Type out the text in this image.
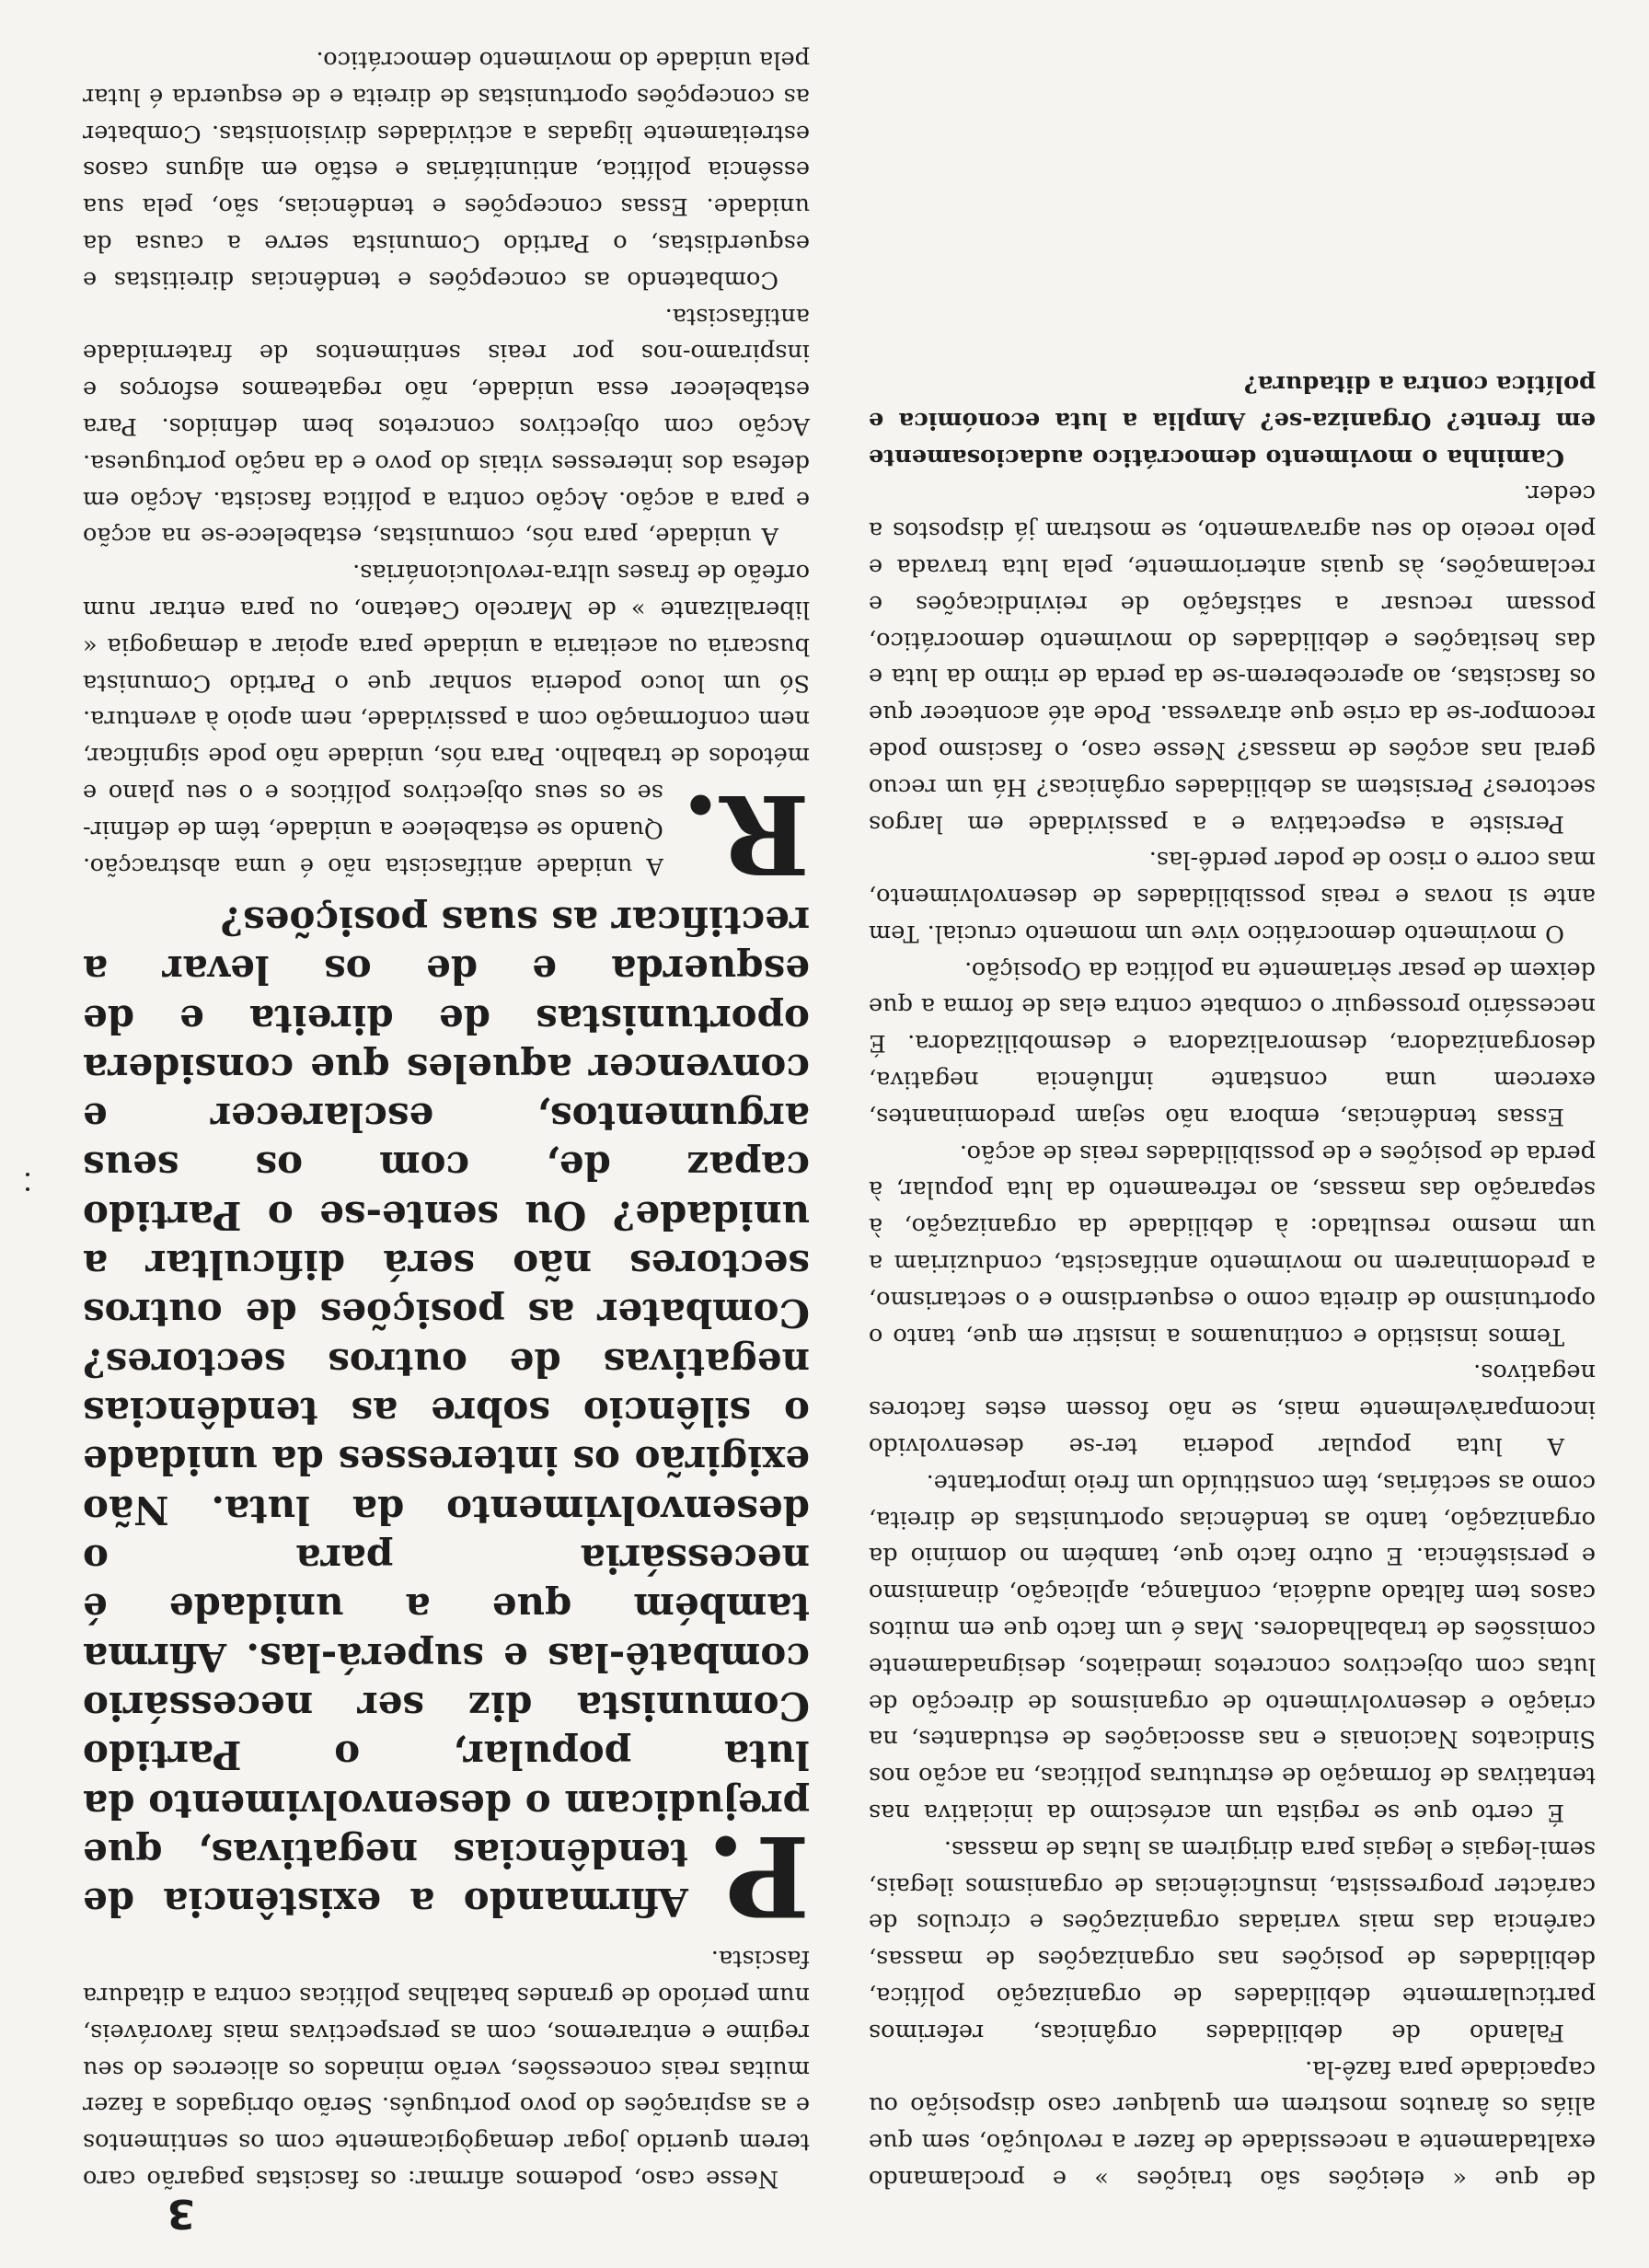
3

de que « eleições são traições » e proclamando exaltadamente a necessidade de fazer a revolução, sem que aliás os ârautos mostrem em qualquer caso disposição ou capacidade para fazê-la.

Falando de debilidades orgânicas, referimos particularmente debilidades de organização política, debilidades de posições nas organizações de massas, carência das mais variadas organizações e círculos de carácter progressista, insuficiências de organismos ilegais, semi-legais e legais para dirigirem as lutas de massas.

É certo que se regista um acréscimo da iniciativa nas tentativas de formação de estruturas políticas, na acção nos Sindicatos Nacionais e nas associações de estudantes, na criação e desenvolvimento de organismos de direcção de lutas com objectivos concretos imediatos, designadamente comissões de trabalhadores. Mas é um facto que em muitos casos tem faltado audácia, confiança, aplicação, dinamismo e persistência. E outro facto que, também no domínio da organização, tanto as tendências oportunistas de direita, como as sectárias, têm constituído um freio importante.

A luta popular poderia ter-se desenvolvido incomparàvelmente mais, se não fossem estes factores negativos.

Temos insistido e continuamos a insistir em que, tanto o oportunismo de direita como o esquerdismo e o sectarismo, a predominarem no movimento antifascista, conduziriam a um mesmo resultado: à debilidade da organização, à separação das massas, ao refreamento da luta popular, à perda de posições e de possibilidades reais de acção.

Essas tendências, embora não sejam predominantes, exercem uma constante influência negativa, desorganizadora, desmoralizadora e desmobilizadora. É necessário prosseguir o combate contra elas de forma a que deixem de pesar sèriamente na política da Oposição.

O movimento democrático vive um momento crucial. Tem ante si novas e reais possibilidades de desenvolvimento, mas corre o risco de poder perdê-las.

Persiste a espectativa e a passividade em largos sectores? Persistem as debilidades orgânicas? Há um recuo geral nas acções de massas? Nesse caso, o fascismo pode recompor-se da crise que atravessa. Pode até acontecer que os fascistas, ao aperceberem-se da perda de ritmo da luta e das hesitações e debilidades do movimento democrático, possam recusar a satisfação de reivindicações e reclamações, às quais anteriormente, pela luta travada e pelo receio do seu agravamento, se mostram já dispostos a ceder.

Caminha o movimento democrático audaciosamente em frente? Organiza-se? Amplia a luta económica e política contra a ditadura?

Nesse caso, podemos afirmar: os fascistas pagarão caro terem querido jogar demagògicamente com os sentimentos e as aspirações do povo português. Serão obrigados a fazer muitas reais concessões, verão minados os alicerces do seu regime e entraremos, com as perspectivas mais favoráveis, num período de grandes batalhas políticas contra a ditadura fascista.

P.
Afirmando a existência de tendências negativas, que prejudicam o desenvolvimento da luta popular, o Partido Comunista diz ser necessário combatê-las e superá-las. Afirma também que a unidade é necessária para o desenvolvimento da luta. Não exigirão os interesses da unidade o silêncio sobre as tendências negativas de outros sectores? Combater as posições de outros sectores não será dificultar a unidade? Ou sente-se o Partido capaz de, com os seus argumentos, esclarecer e convencer aqueles que considera oportunistas de direita e de esquerda e de os levar a rectificar as suas posições?
R.

A unidade antifascista não é uma abstracção. Quando se estabelece a unidade, têm de definir-se os seus objectivos políticos e o seu plano e métodos de trabalho. Para nós, unidade não pode significar, nem conformação com a passividade, nem apoio à aventura. Só um louco poderia sonhar que o Partido Comunista buscaria ou aceitaria a unidade para apoiar a demagogia « liberalizante » de Marcelo Caetano, ou para entrar num orfeão de frases ultra-revolucionárias.

A unidade, para nós, comunistas, estabelece-se na acção e para a acção. Acção contra a política fascista. Acção em defesa dos interesses vitais do povo e da nação portuguesa. Acção com objectivos concretos bem definidos. Para estabelecer essa unidade, não regateamos esforços e inspiramo-nos por reais sentimentos de fraternidade antifascista.

Combatendo as concepções e tendências direitistas e esquerdistas, o Partido Comunista serve a causa da unidade. Essas concepções e tendências, são, pela sua essência política, antiunitárias e estão em alguns casos estreitamente ligadas a actividades divisionistas. Combater as concepções oportunistas de direita e de esquerda é lutar pela unidade do movimento democrático.
